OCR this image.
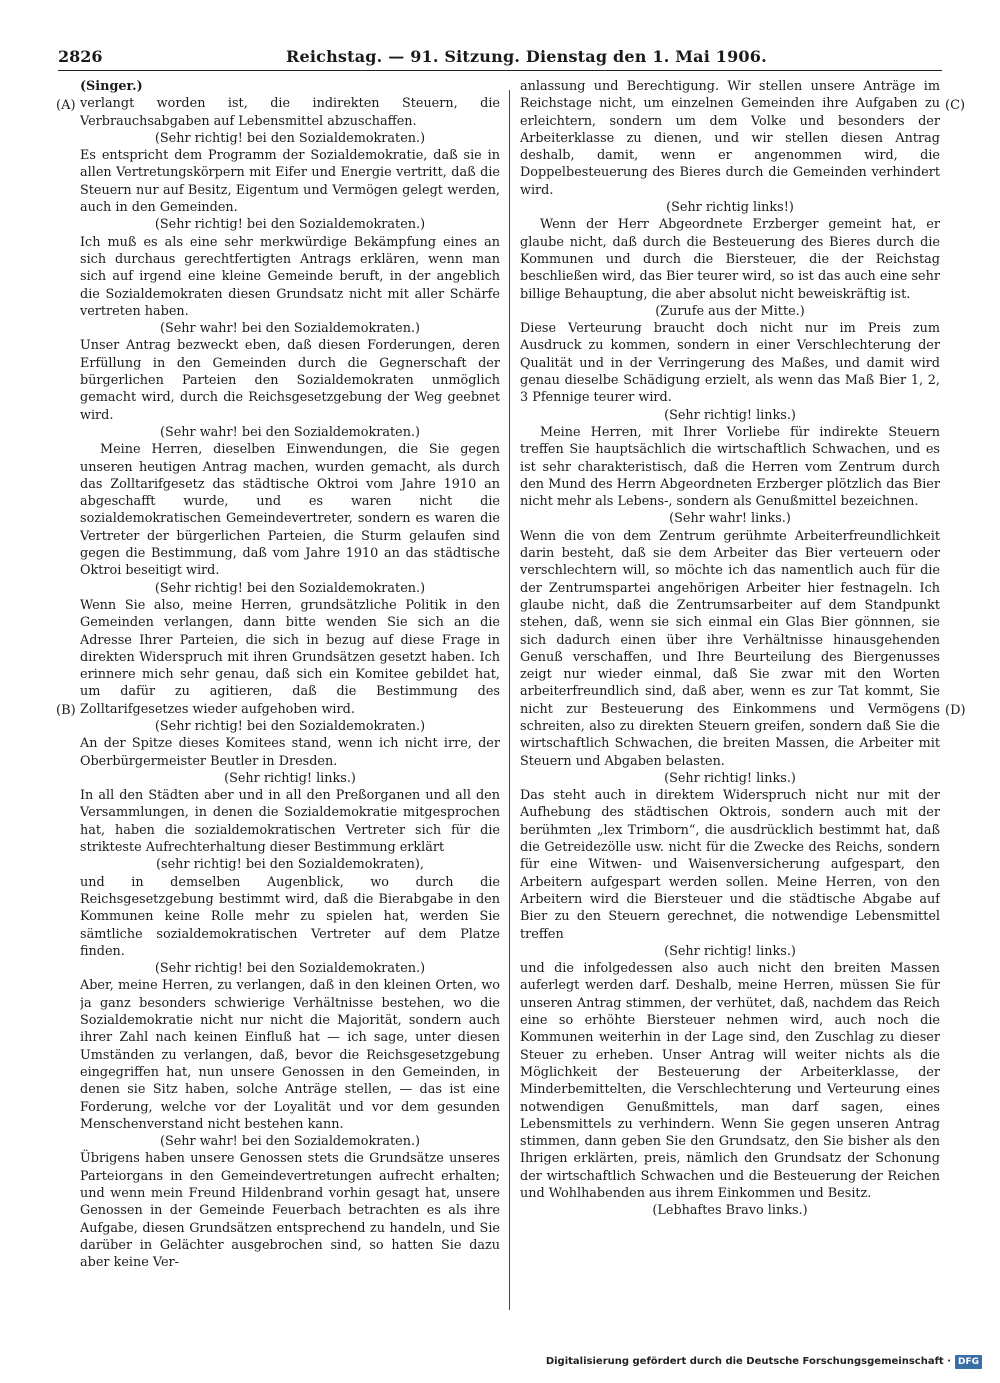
2826	Reichstag. — 91. Sitzung. Dienstag den 1. Mai 1906.
(A)
(B)
(C)
(D)

(Singer.)

verlangt worden ist, die indirekten Steuern, die Verbrauchsabgaben auf Lebensmittel abzuschaffen.

(Sehr richtig! bei den Sozialdemokraten.)

Es entspricht dem Programm der Sozialdemokratie, daß sie in allen Vertretungskörpern mit Eifer und Energie vertritt, daß die Steuern nur auf Besitz, Eigentum und Vermögen gelegt werden, auch in den Gemeinden.

(Sehr richtig! bei den Sozialdemokraten.)

Ich muß es als eine sehr merkwürdige Bekämpfung eines an sich durchaus gerechtfertigten Antrags erklären, wenn man sich auf irgend eine kleine Gemeinde beruft, in der angeblich die Sozialdemokraten diesen Grundsatz nicht mit aller Schärfe vertreten haben.

(Sehr wahr! bei den Sozialdemokraten.)

Unser Antrag bezweckt eben, daß diesen Forderungen, deren Erfüllung in den Gemeinden durch die Gegnerschaft der bürgerlichen Parteien den Sozialdemokraten unmöglich gemacht wird, durch die Reichsgesetzgebung der Weg geebnet wird.

(Sehr wahr! bei den Sozialdemokraten.)

Meine Herren, dieselben Einwendungen, die Sie gegen unseren heutigen Antrag machen, wurden gemacht, als durch das Zolltarifgesetz das städtische Oktroi vom Jahre 1910 an abgeschafft wurde, und es waren nicht die sozialdemokratischen Gemeindevertreter, sondern es waren die Vertreter der bürgerlichen Parteien, die Sturm gelaufen sind gegen die Bestimmung, daß vom Jahre 1910 an das städtische Oktroi beseitigt wird.

(Sehr richtig! bei den Sozialdemokraten.)

Wenn Sie also, meine Herren, grundsätzliche Politik in den Gemeinden verlangen, dann bitte wenden Sie sich an die Adresse Ihrer Parteien, die sich in bezug auf diese Frage in direkten Widerspruch mit ihren Grundsätzen gesetzt haben. Ich erinnere mich sehr genau, daß sich ein Komitee gebildet hat, um dafür zu agitieren, daß die Bestimmung des Zolltarifgesetzes wieder aufgehoben wird.

(Sehr richtig! bei den Sozialdemokraten.)

An der Spitze dieses Komitees stand, wenn ich nicht irre, der Oberbürgermeister Beutler in Dresden.

(Sehr richtig! links.)

In all den Städten aber und in all den Preßorganen und all den Versammlungen, in denen die Sozialdemokratie mitgesprochen hat, haben die sozialdemokratischen Vertreter sich für die strikteste Aufrechterhaltung dieser Bestimmung erklärt

(sehr richtig! bei den Sozialdemokraten),

und in demselben Augenblick, wo durch die Reichsgesetzgebung bestimmt wird, daß die Bierabgabe in den Kommunen keine Rolle mehr zu spielen hat, werden Sie sämtliche sozialdemokratischen Vertreter auf dem Platze finden.

(Sehr richtig! bei den Sozialdemokraten.)

Aber, meine Herren, zu verlangen, daß in den kleinen Orten, wo ja ganz besonders schwierige Verhältnisse bestehen, wo die Sozialdemokratie nicht nur nicht die Majorität, sondern auch ihrer Zahl nach keinen Einfluß hat — ich sage, unter diesen Umständen zu verlangen, daß, bevor die Reichsgesetzgebung eingegriffen hat, nun unsere Genossen in den Gemeinden, in denen sie Sitz haben, solche Anträge stellen, — das ist eine Forderung, welche vor der Loyalität und vor dem gesunden Menschenverstand nicht bestehen kann.

(Sehr wahr! bei den Sozialdemokraten.)

Übrigens haben unsere Genossen stets die Grundsätze unseres Parteiorgans in den Gemeindevertretungen aufrecht erhalten; und wenn mein Freund Hildenbrand vorhin gesagt hat, unsere Genossen in der Gemeinde Feuerbach betrachten es als ihre Aufgabe, diesen Grundsätzen entsprechend zu handeln, und Sie darüber in Gelächter ausgebrochen sind, so hatten Sie dazu aber keine Ver-

anlassung und Berechtigung. Wir stellen unsere Anträge im Reichstage nicht, um einzelnen Gemeinden ihre Aufgaben zu erleichtern, sondern um dem Volke und besonders der Arbeiterklasse zu dienen, und wir stellen diesen Antrag deshalb, damit, wenn er angenommen wird, die Doppelbesteuerung des Bieres durch die Gemeinden verhindert wird.

(Sehr richtig links!)

Wenn der Herr Abgeordnete Erzberger gemeint hat, er glaube nicht, daß durch die Besteuerung des Bieres durch die Kommunen und durch die Biersteuer, die der Reichstag beschließen wird, das Bier teurer wird, so ist das auch eine sehr billige Behauptung, die aber absolut nicht beweiskräftig ist.

(Zurufe aus der Mitte.)

Diese Verteurung braucht doch nicht nur im Preis zum Ausdruck zu kommen, sondern in einer Verschlechterung der Qualität und in der Verringerung des Maßes, und damit wird genau dieselbe Schädigung erzielt, als wenn das Maß Bier 1, 2, 3 Pfennige teurer wird.

(Sehr richtig! links.)

Meine Herren, mit Ihrer Vorliebe für indirekte Steuern treffen Sie hauptsächlich die wirtschaftlich Schwachen, und es ist sehr charakteristisch, daß die Herren vom Zentrum durch den Mund des Herrn Abgeordneten Erzberger plötzlich das Bier nicht mehr als Lebens-, sondern als Genußmittel bezeichnen.

(Sehr wahr! links.)

Wenn die von dem Zentrum gerühmte Arbeiterfreundlichkeit darin besteht, daß sie dem Arbeiter das Bier verteuern oder verschlechtern will, so möchte ich das namentlich auch für die der Zentrumspartei angehörigen Arbeiter hier festnageln. Ich glaube nicht, daß die Zentrumsarbeiter auf dem Standpunkt stehen, daß, wenn sie sich einmal ein Glas Bier gönnnen, sie sich dadurch einen über ihre Verhältnisse hinausgehenden Genuß verschaffen, und Ihre Beurteilung des Biergenusses zeigt nur wieder einmal, daß Sie zwar mit den Worten arbeiterfreundlich sind, daß aber, wenn es zur Tat kommt, Sie nicht zur Besteuerung des Einkommens und Vermögens schreiten, also zu direkten Steuern greifen, sondern daß Sie die wirtschaftlich Schwachen, die breiten Massen, die Arbeiter mit Steuern und Abgaben belasten.

(Sehr richtig! links.)

Das steht auch in direktem Widerspruch nicht nur mit der Aufhebung des städtischen Oktrois, sondern auch mit der berühmten „lex Trimborn“, die ausdrücklich bestimmt hat, daß die Getreidezölle usw. nicht für die Zwecke des Reichs, sondern für eine Witwen- und Waisenversicherung aufgespart, den Arbeitern aufgespart werden sollen. Meine Herren, von den Arbeitern wird die Biersteuer und die städtische Abgabe auf Bier zu den Steuern gerechnet, die notwendige Lebensmittel treffen

(Sehr richtig! links.)

und die infolgedessen also auch nicht den breiten Massen auferlegt werden darf. Deshalb, meine Herren, müssen Sie für unseren Antrag stimmen, der verhütet, daß, nachdem das Reich eine so erhöhte Biersteuer nehmen wird, auch noch die Kommunen weiterhin in der Lage sind, den Zuschlag zu dieser Steuer zu erheben. Unser Antrag will weiter nichts als die Möglichkeit der Besteuerung der Arbeiterklasse, der Minderbemittelten, die Verschlechterung und Verteurung eines notwendigen Genußmittels, man darf sagen, eines Lebensmittels zu verhindern. Wenn Sie gegen unseren Antrag stimmen, dann geben Sie den Grundsatz, den Sie bisher als den Ihrigen erklärten, preis, nämlich den Grundsatz der Schonung der wirtschaftlich Schwachen und die Besteuerung der Reichen und Wohlhabenden aus ihrem Einkommen und Besitz.

(Lebhaftes Bravo links.)

Digitalisierung gefördert durch die Deutsche Forschungsgemeinschaft · DFG
